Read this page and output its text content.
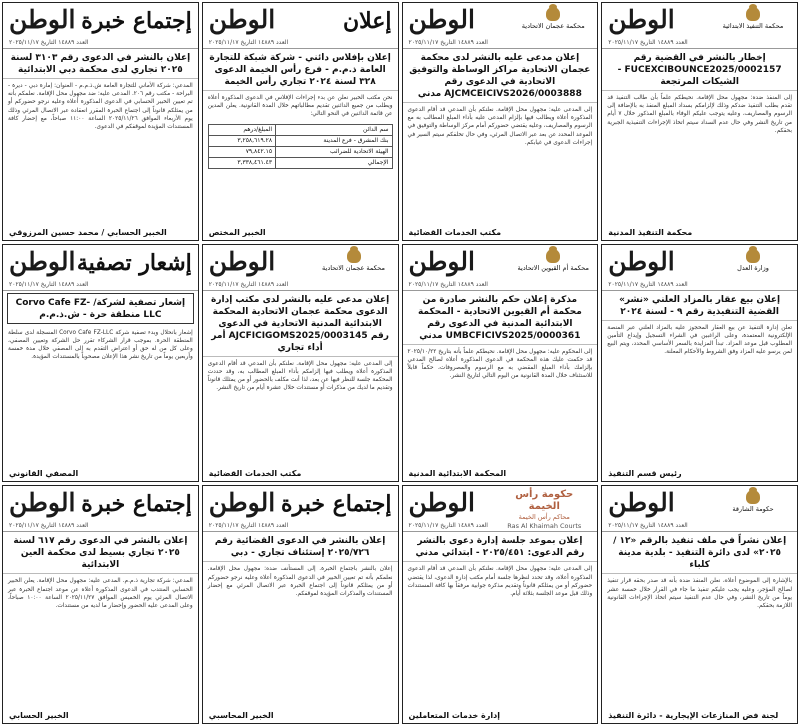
إجتماع خبرة
الوطن
العدد ١٤٨٨٩ التاريخ ٢٠٢٥/١١/١٧
إعلان بالنشر في الدعوى رقم ٣١٠٣ لسنة ٢٠٢٥ تجاري لدى محكمة دبي الابتدائية
المدعي: شركة الأماني للتجارة العامة ش.ذ.م.م - العنوان: إمارة دبي - ديرة - البراحة - مكتب رقم ٢٠٦. المدعى عليه: ضد مجهول محل الإقامة. نعلمكم بأنه تم تعيين الخبير الحسابي في الدعوى المذكورة أعلاه وعليه نرجو حضوركم أو من يمثلكم قانوناً إلى اجتماع الخبرة المقرر انعقاده عبر الاتصال المرئي وذلك يوم الأربعاء الموافق ٢٠٢٥/١١/٢٦ الساعة ١١:٠٠ صباحاً، مع إحضار كافة المستندات المؤيدة لموقفكم في الدعوى.
الخبير الحسابي / محمد حسين المرزوقي
إعلان
الوطن
العدد ١٤٨٨٩ التاريخ ٢٠٢٥/١١/١٧
إعلان بإفلاس دائني - شركة شبكة للتجارة العامة ذ.م.م - فرع رأس الخيمة الدعوى ٣٢٨ لسنة ٢٠٢٤ تجاري رأس الخيمة
نحن مكتب الخبير نعلن عن بدء إجراءات الإفلاس في الدعوى المذكورة أعلاه ويطلب من جميع الدائنين تقديم مطالباتهم خلال المدة القانونية. يعلن المدين عن قائمة الدائنين في النحو التالي:
سم الدائن	المبلغ/درهم
بنك المشرق - فرع المدينة	٣,٢٥٨,٦١٩.٢٨
الهيئة الاتحادية للضرائب	٧٩,٨٤٢.١٥
الإجمالي	٣,٣٣٨,٤٦١.٤٣
الخبير المختص
محكمة عجمان الاتحادية
الوطن
العدد ١٤٨٨٩ التاريخ ٢٠٢٥/١١/١٧
إعلان مدعى عليه بالنشر لدى محكمة عجمان الاتحادية مراكز الوساطة والتوفيق الاتحادية في الدعوى رقم AJCMCEICIVS2026/0003888 مدني
إلى المدعى عليه: مجهول محل الإقامة. نعلنكم بأن المدعي قد أقام الدعوى المذكورة أعلاه ويطالب فيها بإلزام المدعى عليه بأداء المبلغ المطالب به مع الرسوم والمصاريف، وعليه يقتضي حضوركم أمام مركز الوساطة والتوفيق في الموعد المحدد عن بعد عبر الاتصال المرئي، وفي حال تخلفكم سيتم السير في إجراءات الدعوى في غيابكم.
مكتب الخدمات القضائية
محكمة التنفيذ الابتدائية
الوطن
العدد ١٤٨٨٩ التاريخ ٢٠٢٥/١١/١٧
إخطار بالنشر في القضية رقم FUCEXCIBOUNCE2025/0002157 - الشيكات المرتجعة
إلى المنفذ ضده: مجهول محل الإقامة. نحيطكم علماً بأن طالب التنفيذ قد تقدم بطلب التنفيذ ضدكم وذلك لإلزامكم بسداد المبلغ المنفذ به بالإضافة إلى الرسوم والمصاريف، وعليه يتوجب عليكم الوفاء بالمبلغ المذكور خلال ٧ أيام من تاريخ النشر وفي حال عدم السداد سيتم اتخاذ الإجراءات التنفيذية الجبرية بحقكم.
محكمة التنفيذ المدنية
إشعار تصفية
الوطن
العدد ١٤٨٨٩ التاريخ ٢٠٢٥/١١/١٧
إشعار تصفية لشركة/ Corvo Cafe FZ-LLC منطقة حرة - ش.ذ.م.م
إشعار بانحلال وبدء تصفية شركة Corvo Cafe FZ-LLC المسجلة لدى سلطة المنطقة الحرة. بموجب قرار الشركاء تقرر حل الشركة وتعيين المصفي، وعلى كل من له حق أو اعتراض التقدم به إلى المصفي خلال مدة خمسة وأربعين يوماً من تاريخ نشر هذا الإعلان مصحوباً بالمستندات المؤيدة.
المصفي القانوني
محكمة عجمان الاتحادية
الوطن
العدد ١٤٨٨٩ التاريخ ٢٠٢٥/١١/١٧
إعلان مدعى عليه بالنشر لدى مكتب إدارة الدعوى محكمة عجمان الاتحادية المحكمة الابتدائية المدنية الاتحادية في الدعوى رقم AJCFICIGOMS2025/0003145 أمر أداء تجاري
إلى المدعى عليه: مجهول محل الإقامة. نعلنكم بأن المدعي قد أقام الدعوى المذكورة أعلاه ويطلب فيها إلزامكم بأداء المبلغ المطالب به، وقد حددت المحكمة جلسة للنظر فيها عن بعد، لذا أنت مكلف بالحضور أو من يمثلك قانوناً وتقديم ما لديك من مذكرات أو مستندات خلال عشرة أيام من تاريخ النشر.
مكتب الخدمات القضائية
محكمة أم القيوين الاتحادية
الوطن
العدد ١٤٨٨٩ التاريخ ٢٠٢٥/١١/١٧
مذكرة إعلان حكم بالنشر صادرة من محكمة أم القيوين الاتحادية - المحكمة الابتدائية المدنية في الدعوى رقم UMBCFICIVS2025/0000361 مدني
إلى المحكوم عليه: مجهول محل الإقامة. نحيطكم علماً بأنه بتاريخ ٢٠٢٥/١٠/٢٢ قد حكمت عليك هذه المحكمة في الدعوى المذكورة أعلاه لصالح المدعي بإلزامك بأداء المبلغ المقضي به مع الرسوم والمصروفات، حكماً قابلاً للاستئناف خلال المدة القانونية من اليوم التالي لتاريخ النشر.
المحكمة الابتدائية المدنية
وزارة العدل
الوطن
العدد ١٤٨٨٩ التاريخ ٢٠٢٥/١١/١٧
إعلان بيع عقار بالمزاد العلني «نشر» القضية التنفيذية رقم ٩ - لسنة ٢٠٢٤
تعلن إدارة التنفيذ عن بيع العقار المحجوز عليه بالمزاد العلني عبر المنصة الإلكترونية المعتمدة، وعلى الراغبين في الشراء التسجيل وإيداع التأمين المطلوب قبل موعد المزاد. تبدأ المزايدة بالسعر الأساسي المحدد، ويتم البيع لمن يرسو عليه المزاد وفق الشروط والأحكام المعلنة.
رئيس قسم التنفيذ
إجتماع خبرة
الوطن
العدد ١٤٨٨٩ التاريخ ٢٠٢٥/١١/١٧
إعلان بالنشر في الدعوى رقم ٦١٧ لسنة ٢٠٢٥ تجاري بسيط لدى محكمة العين الابتدائية
المدعي: شركة تجارية ذ.م.م. المدعى عليه: مجهول محل الإقامة. يعلن الخبير الحسابي المنتدب في الدعوى المذكورة أعلاه عن موعد اجتماع الخبرة عبر الاتصال المرئي يوم الخميس الموافق ٢٠٢٥/١١/٢٧ الساعة ١٠:٠٠ صباحاً، وعلى المدعى عليه الحضور وإحضار ما لديه من مستندات.
الخبير الحسابي
إجتماع خبرة
الوطن
العدد ١٤٨٨٩ التاريخ ٢٠٢٥/١١/١٧
إعلان بالنشر في الدعوى القضائية رقم ٢٠٢٥/٧٢٦ إستئناف تجاري - دبي
إعلان بالنشر باجتماع الخبرة. إلى المستأنف ضده: مجهول محل الإقامة. نعلمكم بأنه تم تعيين الخبير في الدعوى المذكورة أعلاه وعليه نرجو حضوركم أو من يمثلكم قانوناً إلى اجتماع الخبرة عبر الاتصال المرئي مع إحضار المستندات والمذكرات المؤيدة لموقفكم.
الخبير المحاسبي
حكومة رأس الخيمة
محاكم رأس الخيمة
Ras Al Khaimah Courts
الوطن
العدد ١٤٨٨٩ التاريخ ٢٠٢٥/١١/١٧
إعلان بموعد جلسة إدارة دعوى بالنشر رقم الدعوى: ٢٠٢٥/٤٥١ - ابتدائي مدني
إلى المدعى عليه: مجهول محل الإقامة. نعلنكم بأن المدعي قد أقام الدعوى المذكورة أعلاه، وقد تحدد لنظرها جلسة أمام مكتب إدارة الدعوى، لذا يقتضي حضوركم أو من يمثلكم قانوناً وتقديم مذكرة جوابية مرفقاً بها كافة المستندات وذلك قبل موعد الجلسة بثلاثة أيام.
إدارة خدمات المتعاملين
حكومة الشارقة
الوطن
العدد ١٤٨٨٩ التاريخ ٢٠٢٥/١١/١٧
إعلان نشراً في ملف تنفيذ بالرقم «١٢ / ٢٠٢٥» لدى دائرة التنفيذ - بلدية مدينة كلباء
بالإشارة إلى الموضوع أعلاه، نعلن المنفذ ضده بأنه قد صدر بحقه قرار تنفيذ لصالح المؤجر، وعليه يجب عليكم تنفيذ ما جاء في القرار خلال خمسة عشر يوماً من تاريخ النشر، وفي حال عدم التنفيذ سيتم اتخاذ الإجراءات القانونية اللازمة بحقكم.
لجنة فض المنازعات الإيجارية - دائرة التنفيذ
